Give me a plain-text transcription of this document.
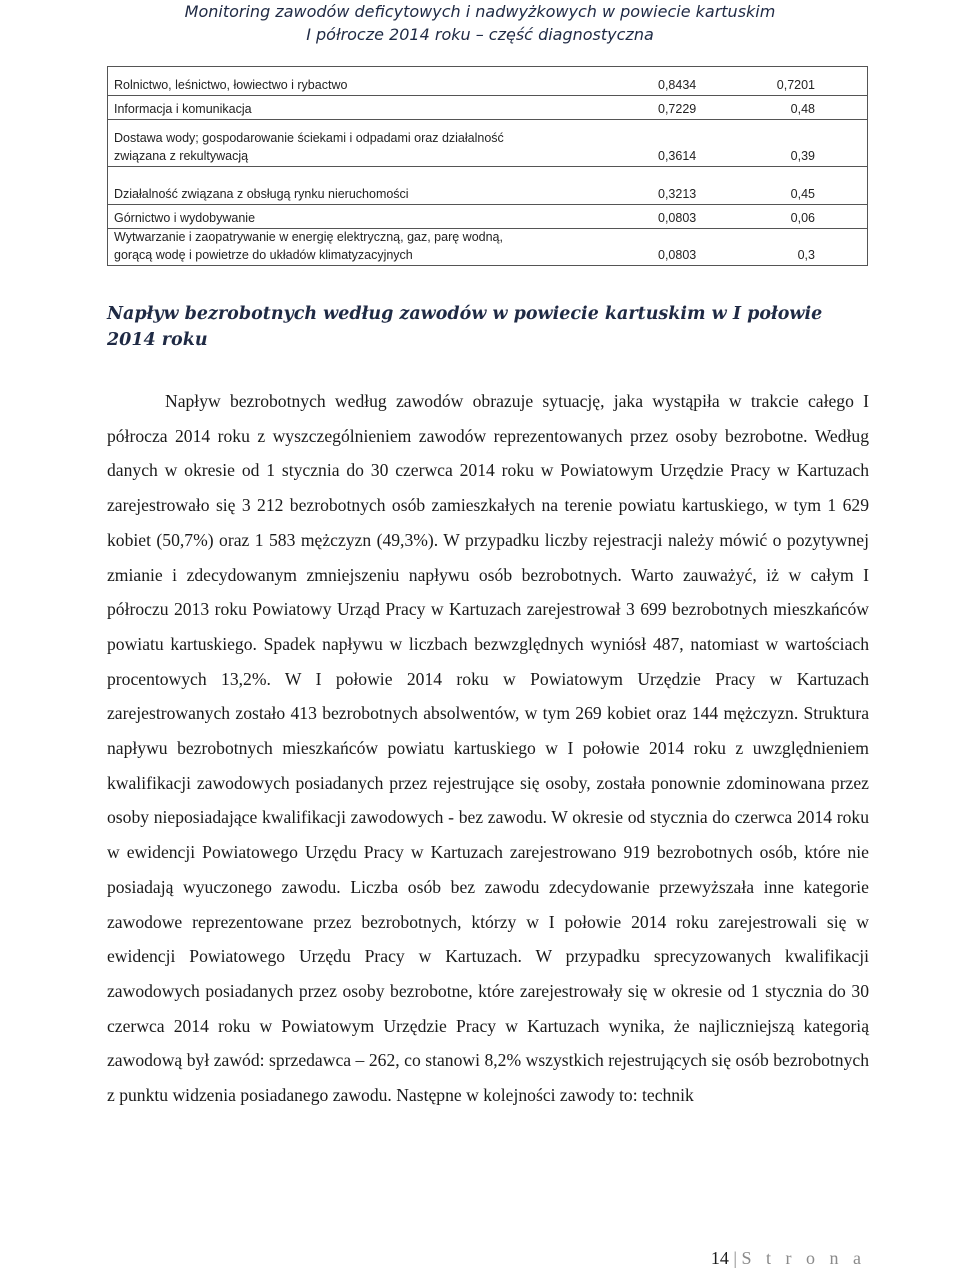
Monitoring zawodów deficytowych i nadwyżkowych w powiecie kartuskim
I półrocze 2014 roku – część diagnostyczna
Rolnictwo, leśnictwo, łowiectwo i rybactwo	0,8434	0,7201

Informacja i komunikacja	0,7229	0,48

Dostawa wody; gospodarowanie ściekami i odpadami oraz działalność
związana z rekultywacją	0,3614	0,39

Działalność związana z obsługą rynku nieruchomości	0,3213	0,45

Górnictwo i wydobywanie	0,0803	0,06

Wytwarzanie i zaopatrywanie w energię elektryczną, gaz, parę wodną,
gorącą wodę i powietrze do układów klimatyzacyjnych	0,0803	0,3
Napływ bezrobotnych według zawodów w powiecie kartuskim w I połowie 2014 roku

Napływ bezrobotnych według zawodów obrazuje sytuację, jaka wystąpiła w trakcie całego I półrocza 2014 roku z wyszczególnieniem zawodów reprezentowanych przez osoby bezrobotne. Według danych w okresie od 1 stycznia do 30 czerwca 2014 roku w Powiatowym Urzędzie Pracy w Kartuzach zarejestrowało się 3 212 bezrobotnych osób zamieszkałych na terenie powiatu kartuskiego, w tym 1 629 kobiet (50,7%) oraz 1 583 mężczyzn (49,3%). W przypadku liczby rejestracji należy mówić o pozytywnej zmianie i zdecydowanym zmniejszeniu napływu osób bezrobotnych. Warto zauważyć, iż w całym I półroczu 2013 roku Powiatowy Urząd Pracy w Kartuzach zarejestrował 3 699 bezrobotnych mieszkańców powiatu kartuskiego. Spadek napływu w liczbach bezwzględnych wyniósł 487, natomiast w wartościach procentowych 13,2%. W I połowie 2014 roku w Powiatowym Urzędzie Pracy w Kartuzach zarejestrowanych zostało 413 bezrobotnych absolwentów, w tym 269 kobiet oraz 144 mężczyzn. Struktura napływu bezrobotnych mieszkańców powiatu kartuskiego w I połowie 2014 roku z uwzględnieniem kwalifikacji zawodowych posiadanych przez rejestrujące się osoby, została ponownie zdominowana przez osoby nieposiadające kwalifikacji zawodowych - bez zawodu. W okresie od stycznia do czerwca 2014 roku w ewidencji Powiatowego Urzędu Pracy w Kartuzach zarejestrowano 919 bezrobotnych osób, które nie posiadają wyuczonego zawodu. Liczba osób bez zawodu zdecydowanie przewyższała inne kategorie zawodowe reprezentowane przez bezrobotnych, którzy w I połowie 2014 roku zarejestrowali się w ewidencji Powiatowego Urzędu Pracy w Kartuzach. W przypadku sprecyzowanych kwalifikacji zawodowych posiadanych przez osoby bezrobotne, które zarejestrowały się w okresie od 1 stycznia do 30 czerwca 2014 roku w Powiatowym Urzędzie Pracy w Kartuzach wynika, że najliczniejszą kategorią zawodową był zawód: sprzedawca – 262, co stanowi 8,2% wszystkich rejestrujących się osób bezrobotnych z punktu widzenia posiadanego zawodu. Następne w kolejności zawody to: technik

14 | S t r o n a
